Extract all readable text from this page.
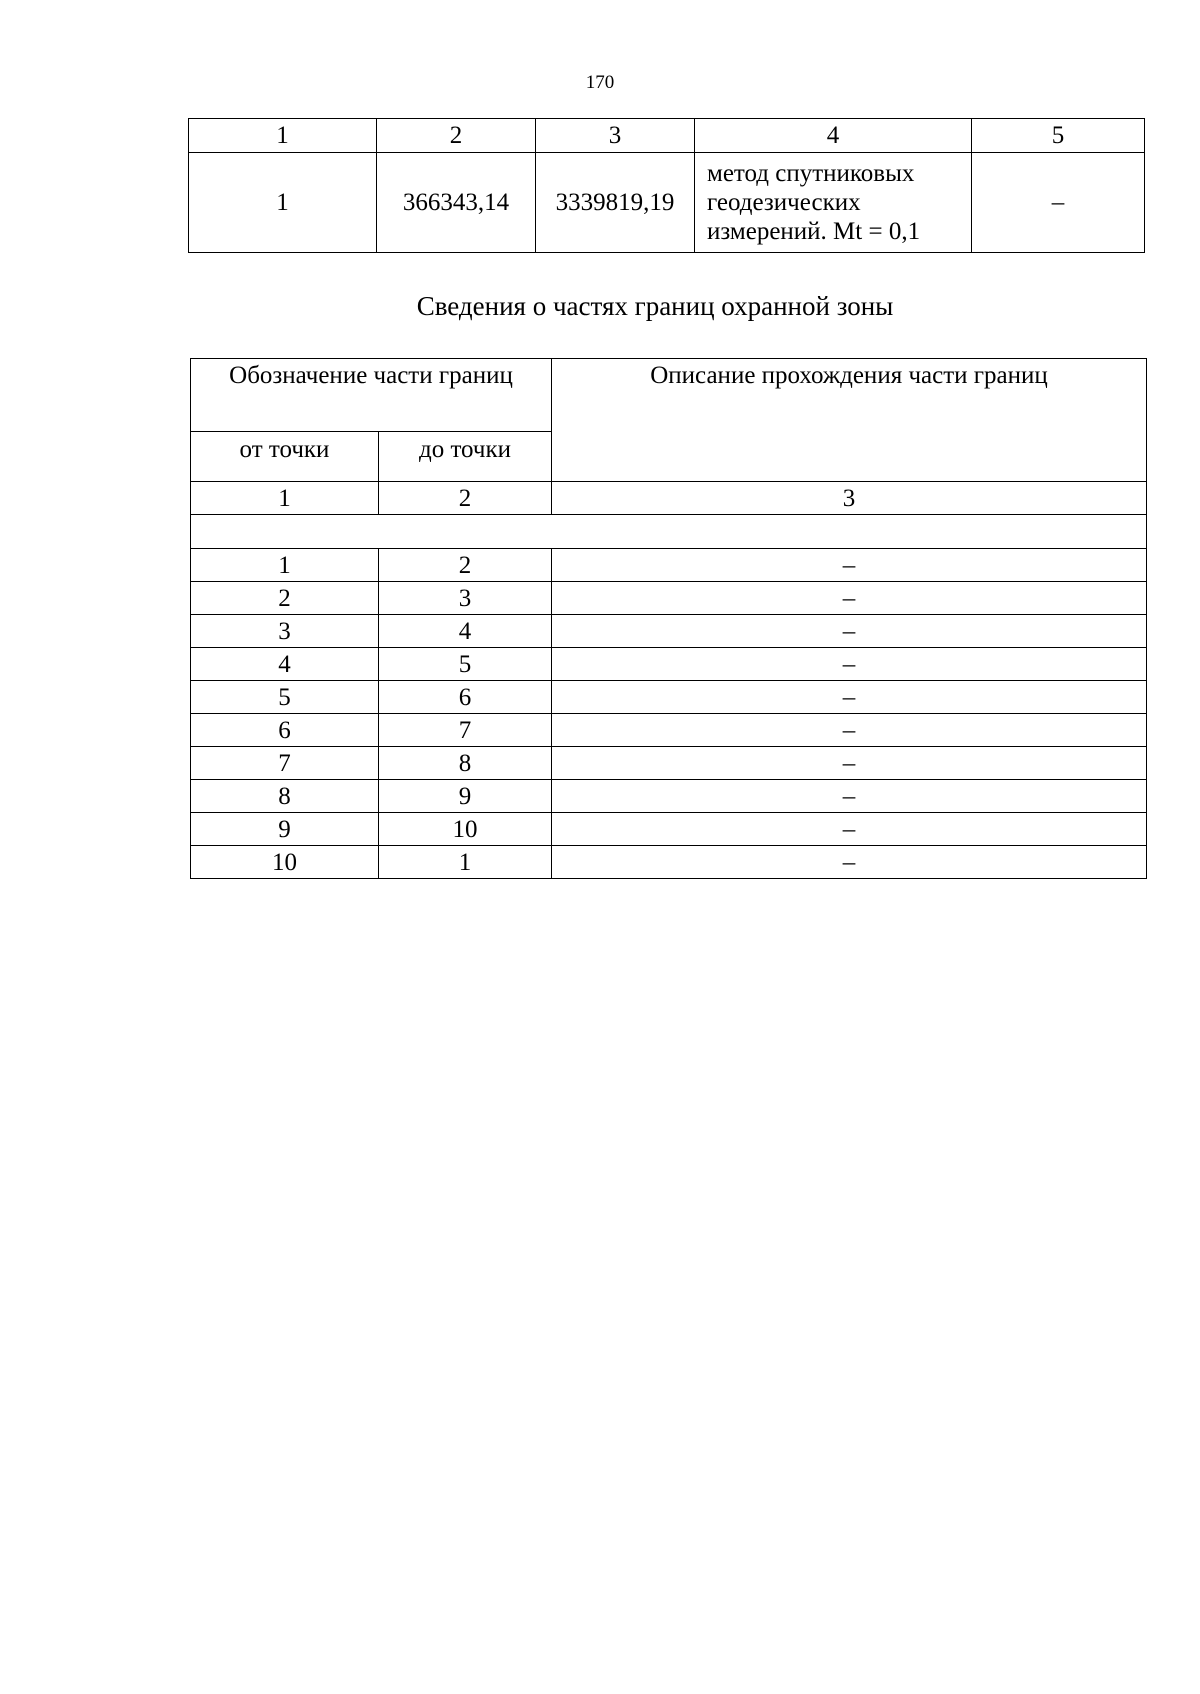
170
1	2	3	4	5
1	366343,14	3339819,19	метод спутниковых
геодезических
измерений. Mt = 0,1	–
Сведения о частях границ охранной зоны
Обозначение части границ		Описание прохождения части границ
от точки	до точки	
1	2	3

1	2	–
2	3	–
3	4	–
4	5	–
5	6	–
6	7	–
7	8	–
8	9	–
9	10	–
10	1	–
